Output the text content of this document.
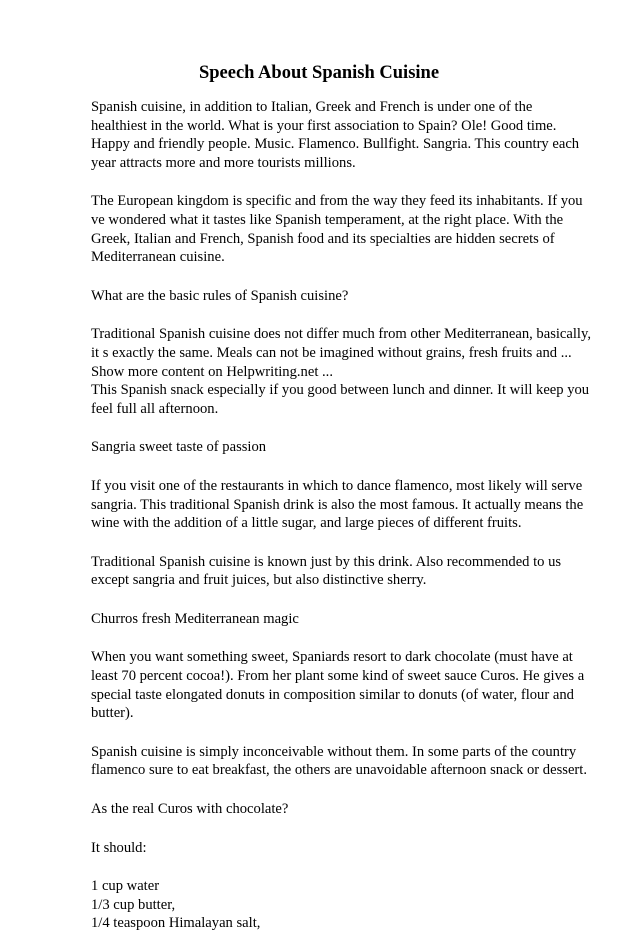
Speech About Spanish Cuisine

Spanish cuisine, in addition to Italian, Greek and French is under one of the
healthiest in the world. What is your first association to Spain? Ole! Good time.
Happy and friendly people. Music. Flamenco. Bullfight. Sangria. This country each
year attracts more and more tourists millions.

The European kingdom is specific and from the way they feed its inhabitants. If you
ve wondered what it tastes like Spanish temperament, at the right place. With the
Greek, Italian and French, Spanish food and its specialties are hidden secrets of
Mediterranean cuisine.

What are the basic rules of Spanish cuisine?

Traditional Spanish cuisine does not differ much from other Mediterranean, basically,
it s exactly the same. Meals can not be imagined without grains, fresh fruits and ...
Show more content on Helpwriting.net ...

This Spanish snack especially if you good between lunch and dinner. It will keep you
feel full all afternoon.

Sangria sweet taste of passion

If you visit one of the restaurants in which to dance flamenco, most likely will serve
sangria. This traditional Spanish drink is also the most famous. It actually means the
wine with the addition of a little sugar, and large pieces of different fruits.

Traditional Spanish cuisine is known just by this drink. Also recommended to us
except sangria and fruit juices, but also distinctive sherry.

Churros fresh Mediterranean magic

When you want something sweet, Spaniards resort to dark chocolate (must have at
least 70 percent cocoa!). From her plant some kind of sweet sauce Curos. He gives a
special taste elongated donuts in composition similar to donuts (of water, flour and
butter).

Spanish cuisine is simply inconceivable without them. In some parts of the country
flamenco sure to eat breakfast, the others are unavoidable afternoon snack or dessert.

As the real Curos with chocolate?

It should:

1 cup water
1/3 cup butter,
1/4 teaspoon Himalayan salt,
